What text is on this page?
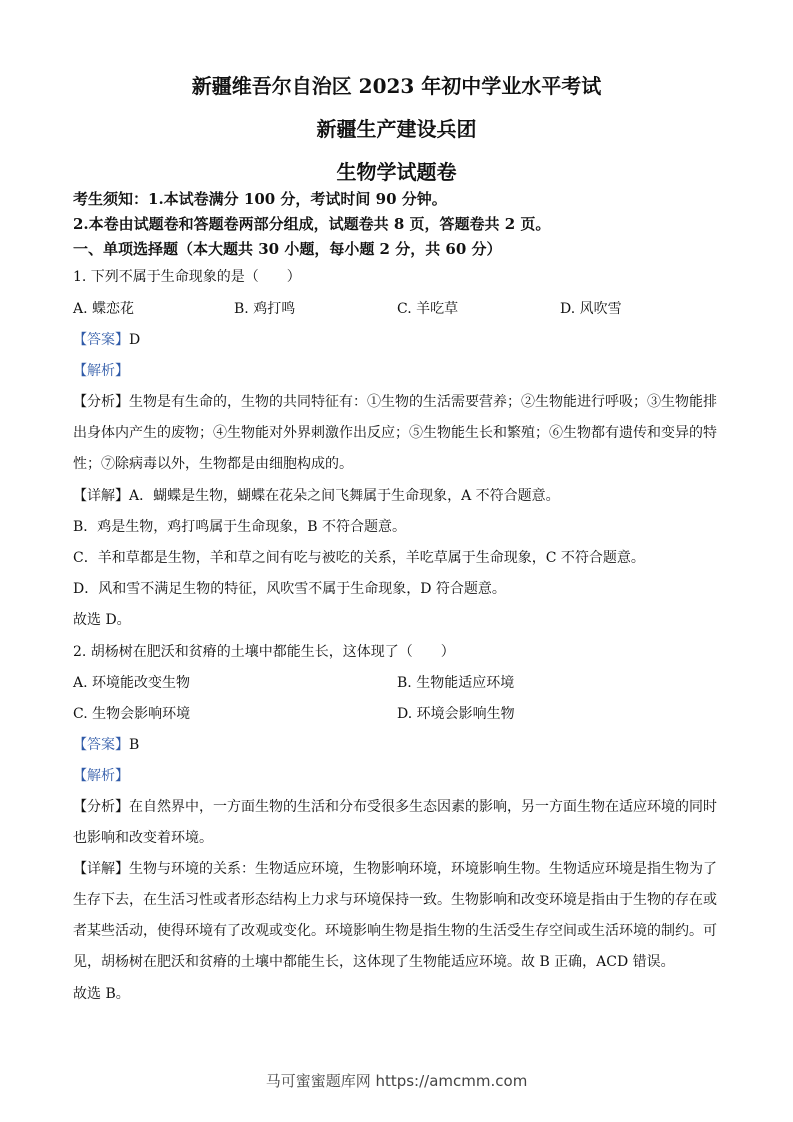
新疆维吾尔自治区 2023 年初中学业水平考试
新疆生产建设兵团
生物学试题卷
考生须知：1.本试卷满分 100 分，考试时间 90 分钟。
2.本卷由试题卷和答题卷两部分组成，试题卷共 8 页，答题卷共 2 页。
一、单项选择题（本大题共 30 小题，每小题 2 分，共 60 分）
1. 下列不属于生命现象的是（　　）
A. 蝶恋花	B. 鸡打鸣	C. 羊吃草	D. 风吹雪
【答案】D
【解析】
【分析】生物是有生命的，生物的共同特征有：①生物的生活需要营养；②生物能进行呼吸；③生物能排
出身体内产生的废物；④生物能对外界刺激作出反应；⑤生物能生长和繁殖；⑥生物都有遗传和变异的特
性；⑦除病毒以外，生物都是由细胞构成的。
【详解】A．蝴蝶是生物，蝴蝶在花朵之间飞舞属于生命现象，A 不符合题意。
B．鸡是生物，鸡打鸣属于生命现象，B 不符合题意。
C．羊和草都是生物，羊和草之间有吃与被吃的关系，羊吃草属于生命现象，C 不符合题意。
D．风和雪不满足生物的特征，风吹雪不属于生命现象，D 符合题意。
故选 D。
2. 胡杨树在肥沃和贫瘠的土壤中都能生长，这体现了（　　）
A. 环境能改变生物	B. 生物能适应环境
C. 生物会影响环境	D. 环境会影响生物
【答案】B
【解析】
【分析】在自然界中，一方面生物的生活和分布受很多生态因素的影响，另一方面生物在适应环境的同时
也影响和改变着环境。
【详解】生物与环境的关系：生物适应环境，生物影响环境，环境影响生物。生物适应环境是指生物为了
生存下去，在生活习性或者形态结构上力求与环境保持一致。生物影响和改变环境是指由于生物的存在或
者某些活动，使得环境有了改观或变化。环境影响生物是指生物的生活受生存空间或生活环境的制约。可
见，胡杨树在肥沃和贫瘠的土壤中都能生长，这体现了生物能适应环境。故 B 正确，ACD 错误。
故选 B。
马可蜜蜜题库网 https://amcmm.com
